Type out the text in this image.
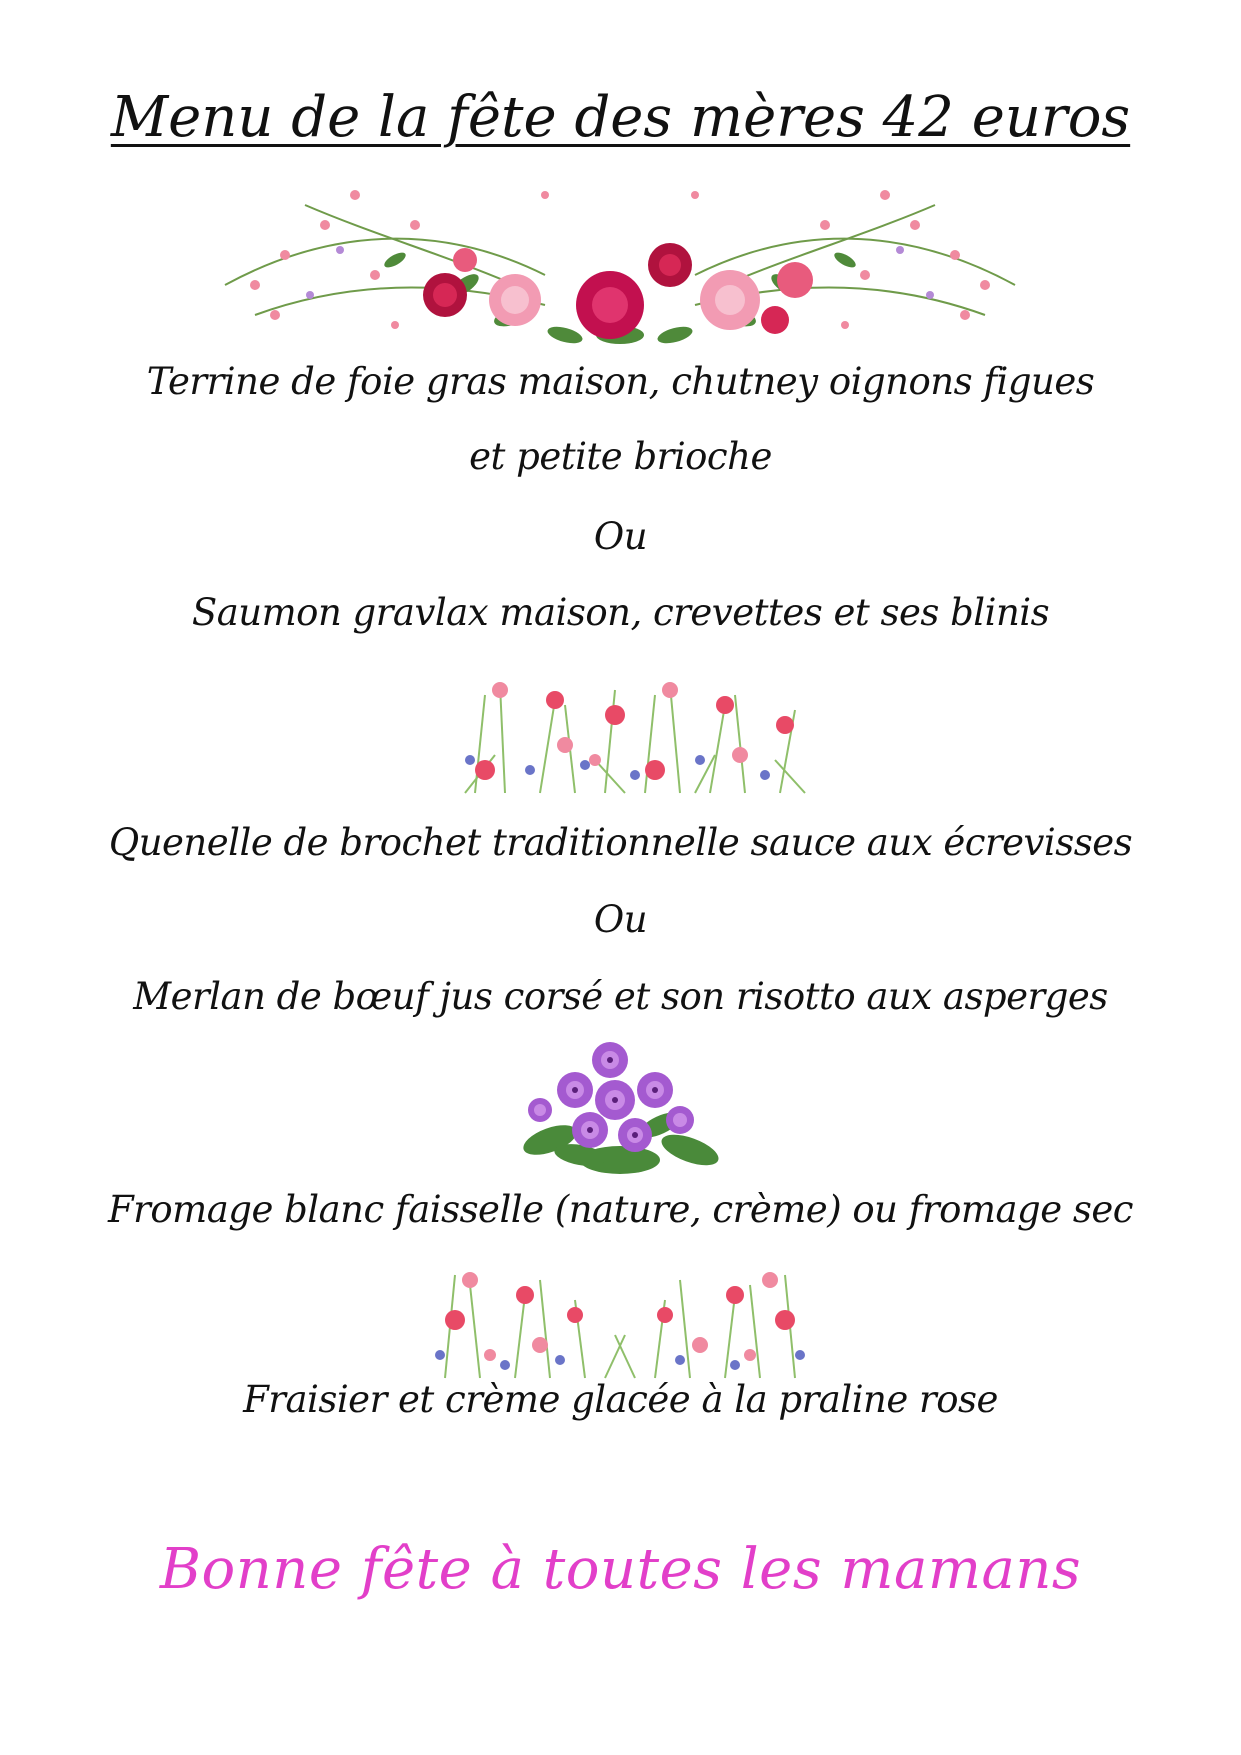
Menu de la fête des mères 42 euros
Terrine de foie gras maison, chutney oignons figues
et petite brioche
Ou
Saumon gravlax maison, crevettes et ses blinis
Quenelle de brochet traditionnelle sauce aux écrevisses
Ou
Merlan de bœuf jus corsé et son risotto aux asperges
Fromage blanc faisselle (nature, crème) ou fromage sec
Fraisier et crème glacée à la praline rose
Bonne fête à toutes les mamans
